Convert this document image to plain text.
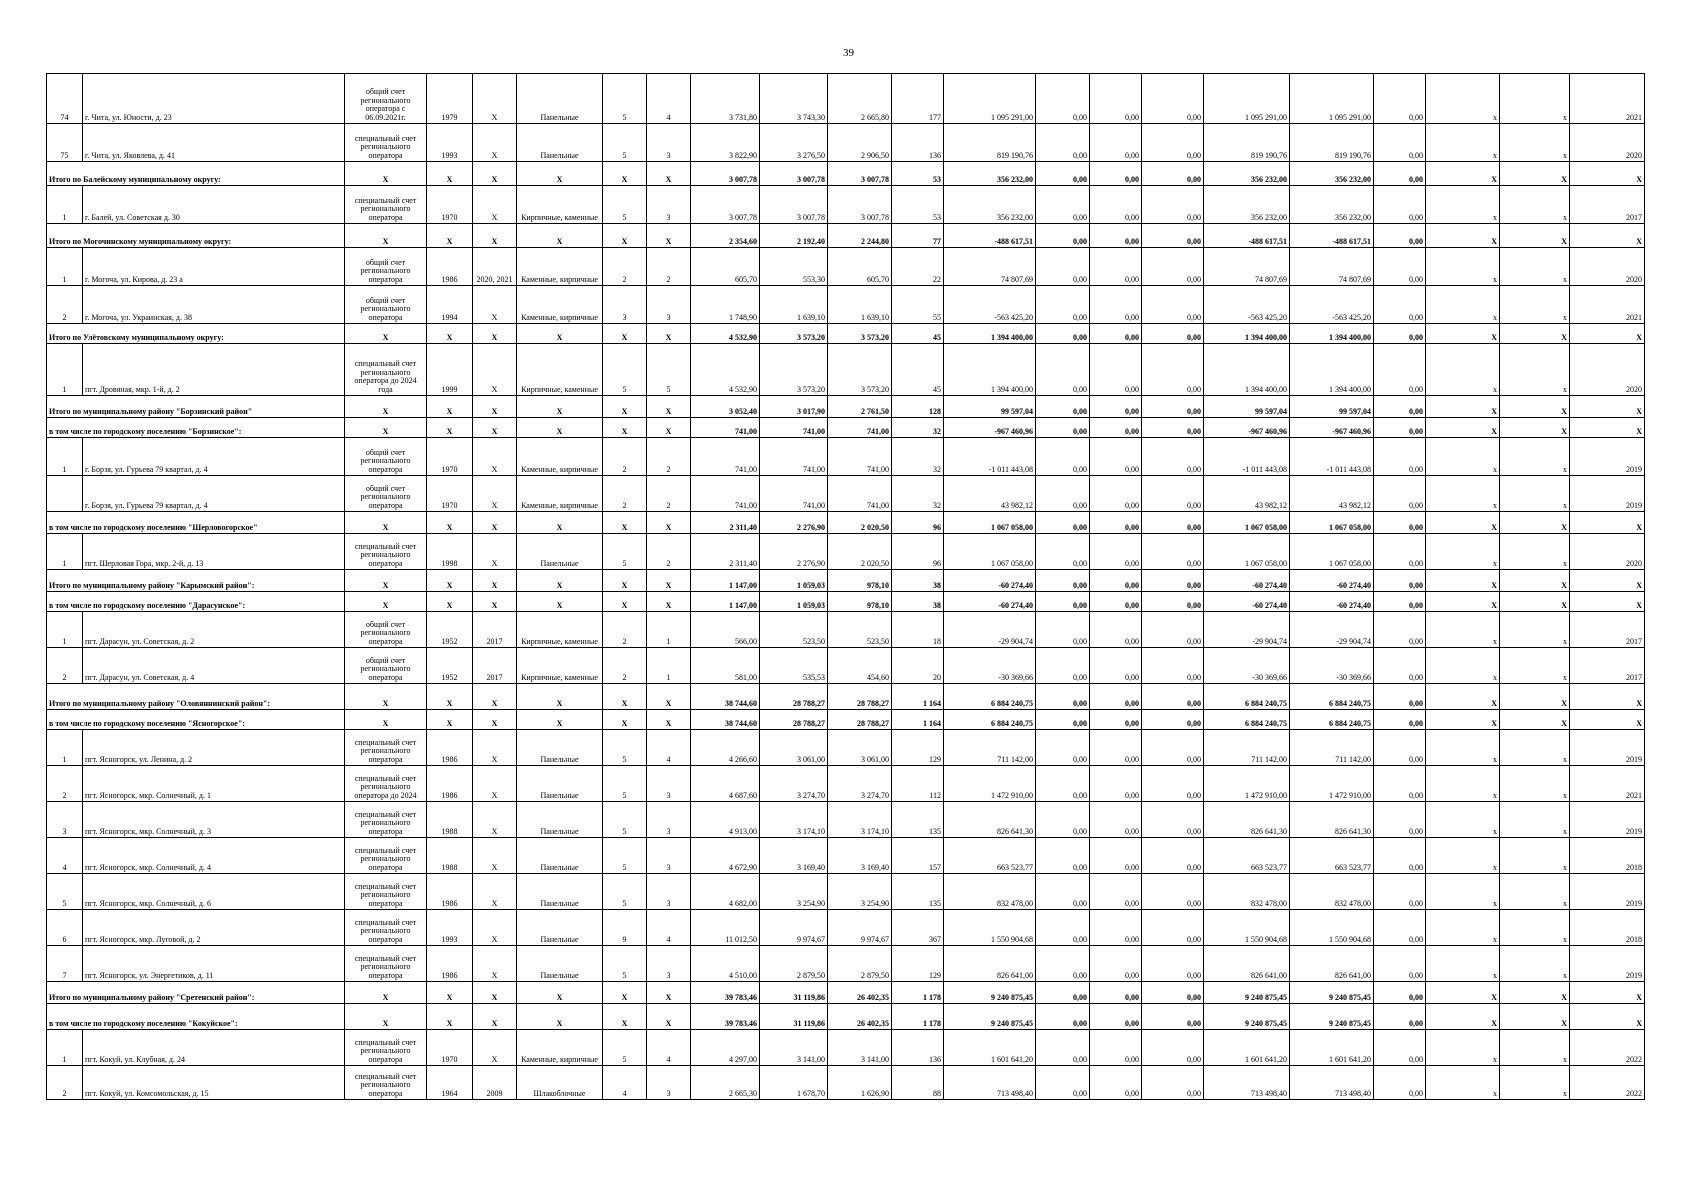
39
74	г. Чита, ул. Юности, д. 23	общий счет регионального оператора с 06.09.2021г.	1979	X	Панельные	5	4	3 731,80	3 743,30	2 665,80	177	1 095 291,00	0,00	0,00	0,00	1 095 291,00	1 095 291,00	0,00	x	x	2021
75	г. Чита, ул. Яковлева, д. 41	специальный счет регионального оператора	1993	X	Панельные	5	3	3 822,90	3 276,50	2 906,50	136	819 190,76	0,00	0,00	0,00	819 190,76	819 190,76	0,00	x	x	2020
Итого по Балейскому муниципальному округу:		X	X	X	X	X	X	3 007,78	3 007,78	3 007,78	53	356 232,00	0,00	0,00	0,00	356 232,00	356 232,00	0,00	X	X	X
1	г. Балей, ул. Советская д. 30	специальный счет регионального оператора	1970	X	Кирпичные, каменные	5	3	3 007,78	3 007,78	3 007,78	53	356 232,00	0,00	0,00	0,00	356 232,00	356 232,00	0,00	x	x	2017
Итого по Могочинскому муниципальному округу:		X	X	X	X	X	X	2 354,60	2 192,40	2 244,80	77	-488 617,51	0,00	0,00	0,00	-488 617,51	-488 617,51	0,00	X	X	X
1	г. Могоча, ул. Кирова, д. 23 а	общий счет регионального оператора	1986	2020, 2021	Каменные, кирпичные	2	2	605,70	553,30	605,70	22	74 807,69	0,00	0,00	0,00	74 807,69	74 807,69	0,00	x	x	2020
2	г. Могоча, ул. Украинская, д. 38	общий счет регионального оператора	1994	X	Каменные, кирпичные	3	3	1 748,90	1 639,10	1 639,10	55	-563 425,20	0,00	0,00	0,00	-563 425,20	-563 425,20	0,00	x	x	2021
Итого по Улётовскому муниципальному округу:		X	X	X	X	X	X	4 532,90	3 573,20	3 573,20	45	1 394 400,00	0,00	0,00	0,00	1 394 400,00	1 394 400,00	0,00	X	X	X
1	пгт. Дровяная, мкр. 1-й, д. 2	специальный счет регионального оператора до 2024 года	1999	X	Кирпичные, каменные	5	5	4 532,90	3 573,20	3 573,20	45	1 394 400,00	0,00	0,00	0,00	1 394 400,00	1 394 400,00	0,00	x	x	2020
Итого по муниципальному району "Борзинский район"		X	X	X	X	X	X	3 052,40	3 017,90	2 761,50	128	99 597,04	0,00	0,00	0,00	99 597,04	99 597,04	0,00	X	X	X
в том числе по городскому поселению "Борзинское":		X	X	X	X	X	X	741,00	741,00	741,00	32	-967 460,96	0,00	0,00	0,00	-967 460,96	-967 460,96	0,00	X	X	X
1	г. Борзя, ул. Гурьева 79 квартал, д. 4	общий счет регионального оператора	1970	X	Каменные, кирпичные	2	2	741,00	741,00	741,00	32	-1 011 443,08	0,00	0,00	0,00	-1 011 443,08	-1 011 443,08	0,00	x	x	2019
	г. Борзя, ул. Гурьева 79 квартал, д. 4	общий счет регионального оператора	1970	X	Каменные, кирпичные	2	2	741,00	741,00	741,00	32	43 982,12	0,00	0,00	0,00	43 982,12	43 982,12	0,00	x	x	2019
в том числе по городскому поселению "Шерловогорское"		X	X	X	X	X	X	2 311,40	2 276,90	2 020,50	96	1 067 058,00	0,00	0,00	0,00	1 067 058,00	1 067 058,00	0,00	X	X	X
1	пгт. Шерловая Гора, мкр. 2-й, д. 13	специальный счет регионального оператора	1998	X	Панельные	5	2	2 311,40	2 276,90	2 020,50	96	1 067 058,00	0,00	0,00	0,00	1 067 058,00	1 067 058,00	0,00	x	x	2020
Итого по муниципальному району "Карымский район":		X	X	X	X	X	X	1 147,00	1 059,03	978,10	38	-60 274,40	0,00	0,00	0,00	-60 274,40	-60 274,40	0,00	X	X	X
в том числе по городскому поселению "Дарасунское":		X	X	X	X	X	X	1 147,00	1 059,03	978,10	38	-60 274,40	0,00	0,00	0,00	-60 274,40	-60 274,40	0,00	X	X	X
1	пгт. Дарасун, ул. Советская, д. 2	общий счет регионального оператора	1952	2017	Кирпичные, каменные	2	1	566,00	523,50	523,50	18	-29 904,74	0,00	0,00	0,00	-29 904,74	-29 904,74	0,00	x	x	2017
2	пгт. Дарасун, ул. Советская, д. 4	общий счет регионального оператора	1952	2017	Кирпичные, каменные	2	1	581,00	535,53	454,60	20	-30 369,66	0,00	0,00	0,00	-30 369,66	-30 369,66	0,00	x	x	2017
Итого по муниципальному району "Оловяннинский район":		X	X	X	X	X	X	38 744,60	28 788,27	28 788,27	1 164	6 884 240,75	0,00	0,00	0,00	6 884 240,75	6 884 240,75	0,00	X	X	X
в том числе по городскому поселению "Ясногорское":		X	X	X	X	X	X	38 744,60	28 788,27	28 788,27	1 164	6 884 240,75	0,00	0,00	0,00	6 884 240,75	6 884 240,75	0,00	X	X	X
1	пгт. Ясногорск, ул. Ленина, д. 2	специальный счет регионального оператора	1986	X	Панельные	5	4	4 266,60	3 061,00	3 061,00	129	711 142,00	0,00	0,00	0,00	711 142,00	711 142,00	0,00	x	x	2019
2	пгт. Ясногорск, мкр. Солнечный, д. 1	специальный счет регионального оператора до 2024	1986	X	Панельные	5	3	4 687,60	3 274,70	3 274,70	112	1 472 910,00	0,00	0,00	0,00	1 472 910,00	1 472 910,00	0,00	x	x	2021
3	пгт. Ясногорск, мкр. Солнечный, д. 3	специальный счет регионального оператора	1988	X	Панельные	5	3	4 913,00	3 174,10	3 174,10	135	826 641,30	0,00	0,00	0,00	826 641,30	826 641,30	0,00	x	x	2019
4	пгт. Ясногорск, мкр. Солнечный, д. 4	специальный счет регионального оператора	1988	X	Панельные	5	3	4 672,90	3 169,40	3 169,40	157	663 523,77	0,00	0,00	0,00	663 523,77	663 523,77	0,00	x	x	2018
5	пгт. Ясногорск, мкр. Солнечный, д. 6	специальный счет регионального оператора	1986	X	Панельные	5	3	4 682,00	3 254,90	3 254,90	135	832 478,00	0,00	0,00	0,00	832 478,00	832 478,00	0,00	x	x	2019
6	пгт. Ясногорск, мкр. Луговой, д. 2	специальный счет регионального оператора	1993	X	Панельные	9	4	11 012,50	9 974,67	9 974,67	367	1 550 904,68	0,00	0,00	0,00	1 550 904,68	1 550 904,68	0,00	x	x	2018
7	пгт. Ясногорск, ул. Энергетиков, д. 11	специальный счет регионального оператора	1986	X	Панельные	5	3	4 510,00	2 879,50	2 879,50	129	826 641,00	0,00	0,00	0,00	826 641,00	826 641,00	0,00	x	x	2019
Итого по муниципальному району "Сретенский район":		X	X	X	X	X	X	39 783,46	31 119,86	26 402,35	1 178	9 240 875,45	0,00	0,00	0,00	9 240 875,45	9 240 875,45	0,00	X	X	X
в том числе по городскому поселению "Кокуйское":		X	X	X	X	X	X	39 783,46	31 119,86	26 402,35	1 178	9 240 875,45	0,00	0,00	0,00	9 240 875,45	9 240 875,45	0,00	X	X	X
1	пгт. Кокуй, ул. Клубная, д. 24	специальный счет регионального оператора	1970	X	Каменные, кирпичные	5	4	4 297,00	3 141,00	3 141,00	136	1 601 641,20	0,00	0,00	0,00	1 601 641,20	1 601 641,20	0,00	x	x	2022
2	пгт. Кокуй, ул. Комсомольская, д. 15	специальный счет регионального оператора	1964	2009	Шлакоблочные	4	3	2 665,30	1 678,70	1 626,90	88	713 498,40	0,00	0,00	0,00	713 498,40	713 498,40	0,00	x	x	2022
